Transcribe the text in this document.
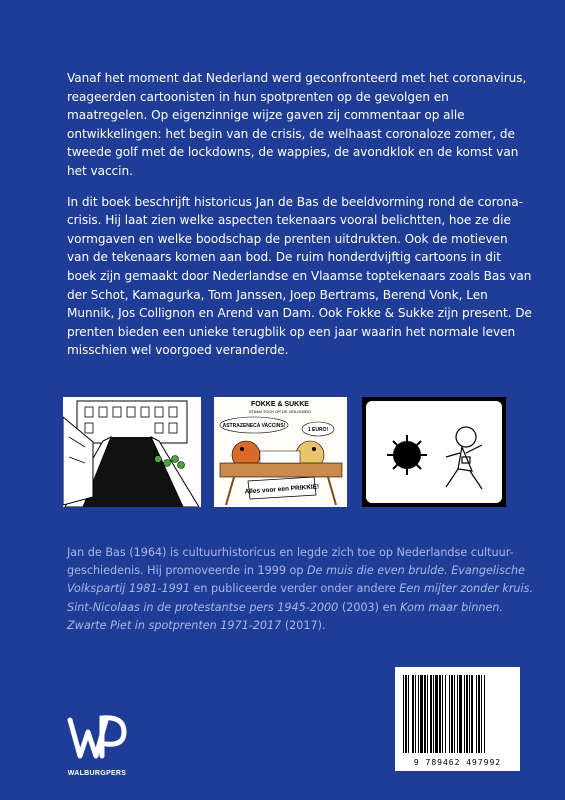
Vanaf het moment dat Nederland werd geconfronteerd met het coronavirus, reageerden cartoonisten in hun spotprenten op de gevolgen en maatregelen. Op eigenzinnige wijze gaven zij commentaar op alle ontwikkelingen: het begin van de crisis, de welhaast coronaloze zomer, de tweede golf met de lockdowns, de wappies, de avondklok en de komst van het vaccin.

In dit boek beschrijft historicus Jan de Bas de beeldvorming rond de corona-crisis. Hij laat zien welke aspecten tekenaars vooral belichtten, hoe ze die vormgaven en welke boodschap de prenten uitdrukten. Ook de motieven van de tekenaars komen aan bod. De ruim honderdvijftig cartoons in dit boek zijn gemaakt door Nederlandse en Vlaamse toptekenaars zoals Bas van der Schot, Kamagurka, Tom Janssen, Joep Bertrams, Berend Vonk, Len Munnik, Jos Collignon en Arend van Dam. Ook Fokke & Sukke zijn present. De prenten bieden een unieke terugblik op een jaar waarin het normale leven misschien wel voorgoed veranderde.

FOKKE & SUKKE
STAAN TOCH OP DE VEILIGHEID
ASTRAZENECA VACCINS!
1 EURO!
Alles voor een PRIKKIE!
Jan de Bas (1964) is cultuurhistoricus en legde zich toe op Nederlandse cultuur-geschiedenis. Hij promoveerde in 1999 op De muis die even brulde. Evangelische Volkspartij 1981-1991 en publiceerde verder onder andere Een mijter zonder kruis. Sint-Nicolaas in de protestantse pers 1945-2000 (2003) en Kom maar binnen. Zwarte Piet in spotprenten 1971-2017 (2017).
WALBURGPERS
9 789462 497992
